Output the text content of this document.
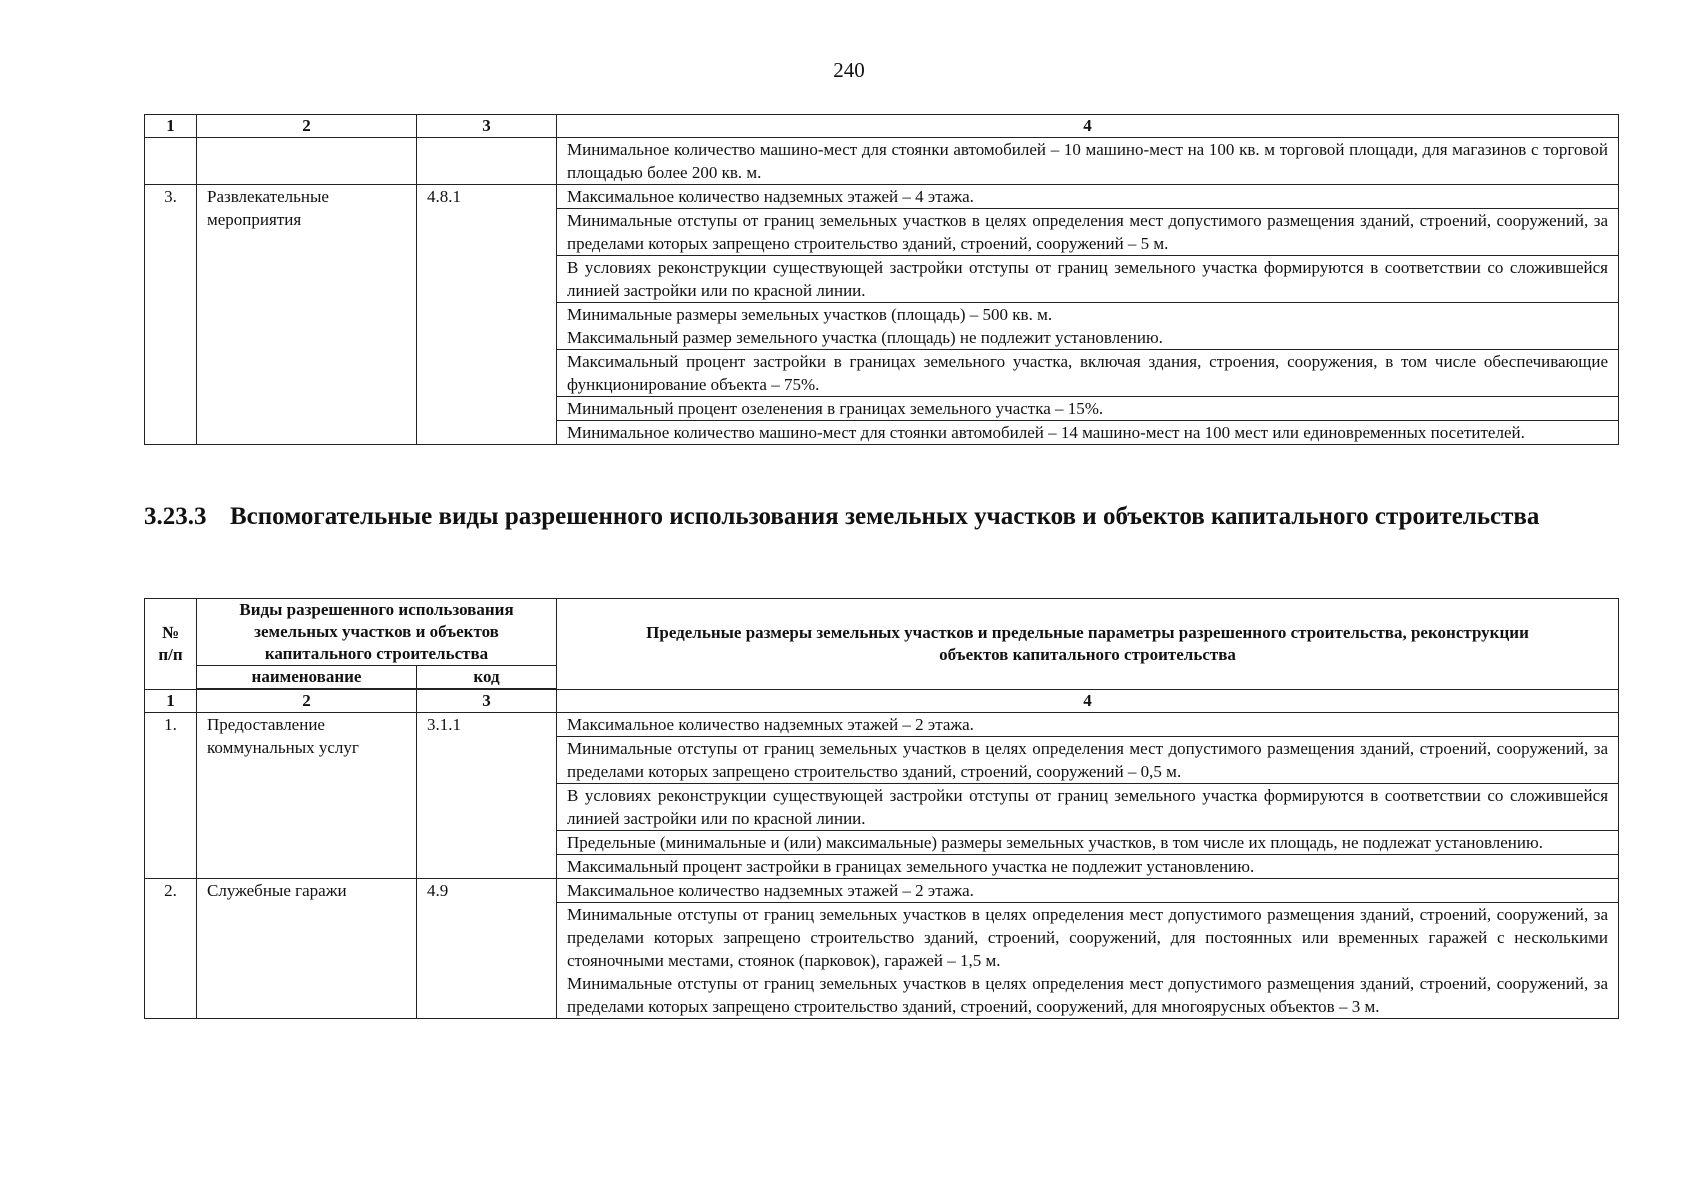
240
1	2	3	4
			Минимальное количество машино-мест для стоянки автомобилей – 10 машино-мест на 100 кв. м торговой площади, для магазинов с торговой площадью более 200 кв. м.
3.	Развлекательные мероприятия	4.8.1	Максимальное количество надземных этажей – 4 этажа.
			Минимальные отступы от границ земельных участков в целях определения мест допустимого размещения зданий, строений, сооружений, за пределами которых запрещено строительство зданий, строений, сооружений – 5 м.
			В условиях реконструкции существующей застройки отступы от границ земельного участка формируются в соответствии со сложившейся линией застройки или по красной линии.
			Минимальные размеры земельных участков (площадь) – 500 кв. м.
Максимальный размер земельного участка (площадь) не подлежит установлению.
			Максимальный процент застройки в границах земельного участка, включая здания, строения, сооружения, в том числе обеспечивающие функционирование объекта – 75%.
			Минимальный процент озеленения в границах земельного участка – 15%.
			Минимальное количество машино-мест для стоянки автомобилей – 14 машино-мест на 100 мест или единовременных посетителей.
3.23.3 Вспомогательные виды разрешенного использования земельных участков и объектов капитального строительства
№
п/п	Виды разрешенного использования земельных участков и объектов капитального строительства		Предельные размеры земельных участков и предельные параметры разрешенного строительства, реконструкции объектов капитального строительства
	наименование	код	
1	2	3	4
1.	Предоставление коммунальных услуг	3.1.1	Максимальное количество надземных этажей – 2 этажа.
			Минимальные отступы от границ земельных участков в целях определения мест допустимого размещения зданий, строений, сооружений, за пределами которых запрещено строительство зданий, строений, сооружений – 0,5 м.
			В условиях реконструкции существующей застройки отступы от границ земельного участка формируются в соответствии со сложившейся линией застройки или по красной линии.
			Предельные (минимальные и (или) максимальные) размеры земельных участков, в том числе их площадь, не подлежат установлению.
			Максимальный процент застройки в границах земельного участка не подлежит установлению.
2.	Служебные гаражи	4.9	Максимальное количество надземных этажей – 2 этажа.
			Минимальные отступы от границ земельных участков в целях определения мест допустимого размещения зданий, строений, сооружений, за пределами которых запрещено строительство зданий, строений, сооружений, для постоянных или временных гаражей с несколькими стояночными местами, стоянок (парковок), гаражей – 1,5 м.
Минимальные отступы от границ земельных участков в целях определения мест допустимого размещения зданий, строений, сооружений, за пределами которых запрещено строительство зданий, строений, сооружений, для многоярусных объектов – 3 м.
